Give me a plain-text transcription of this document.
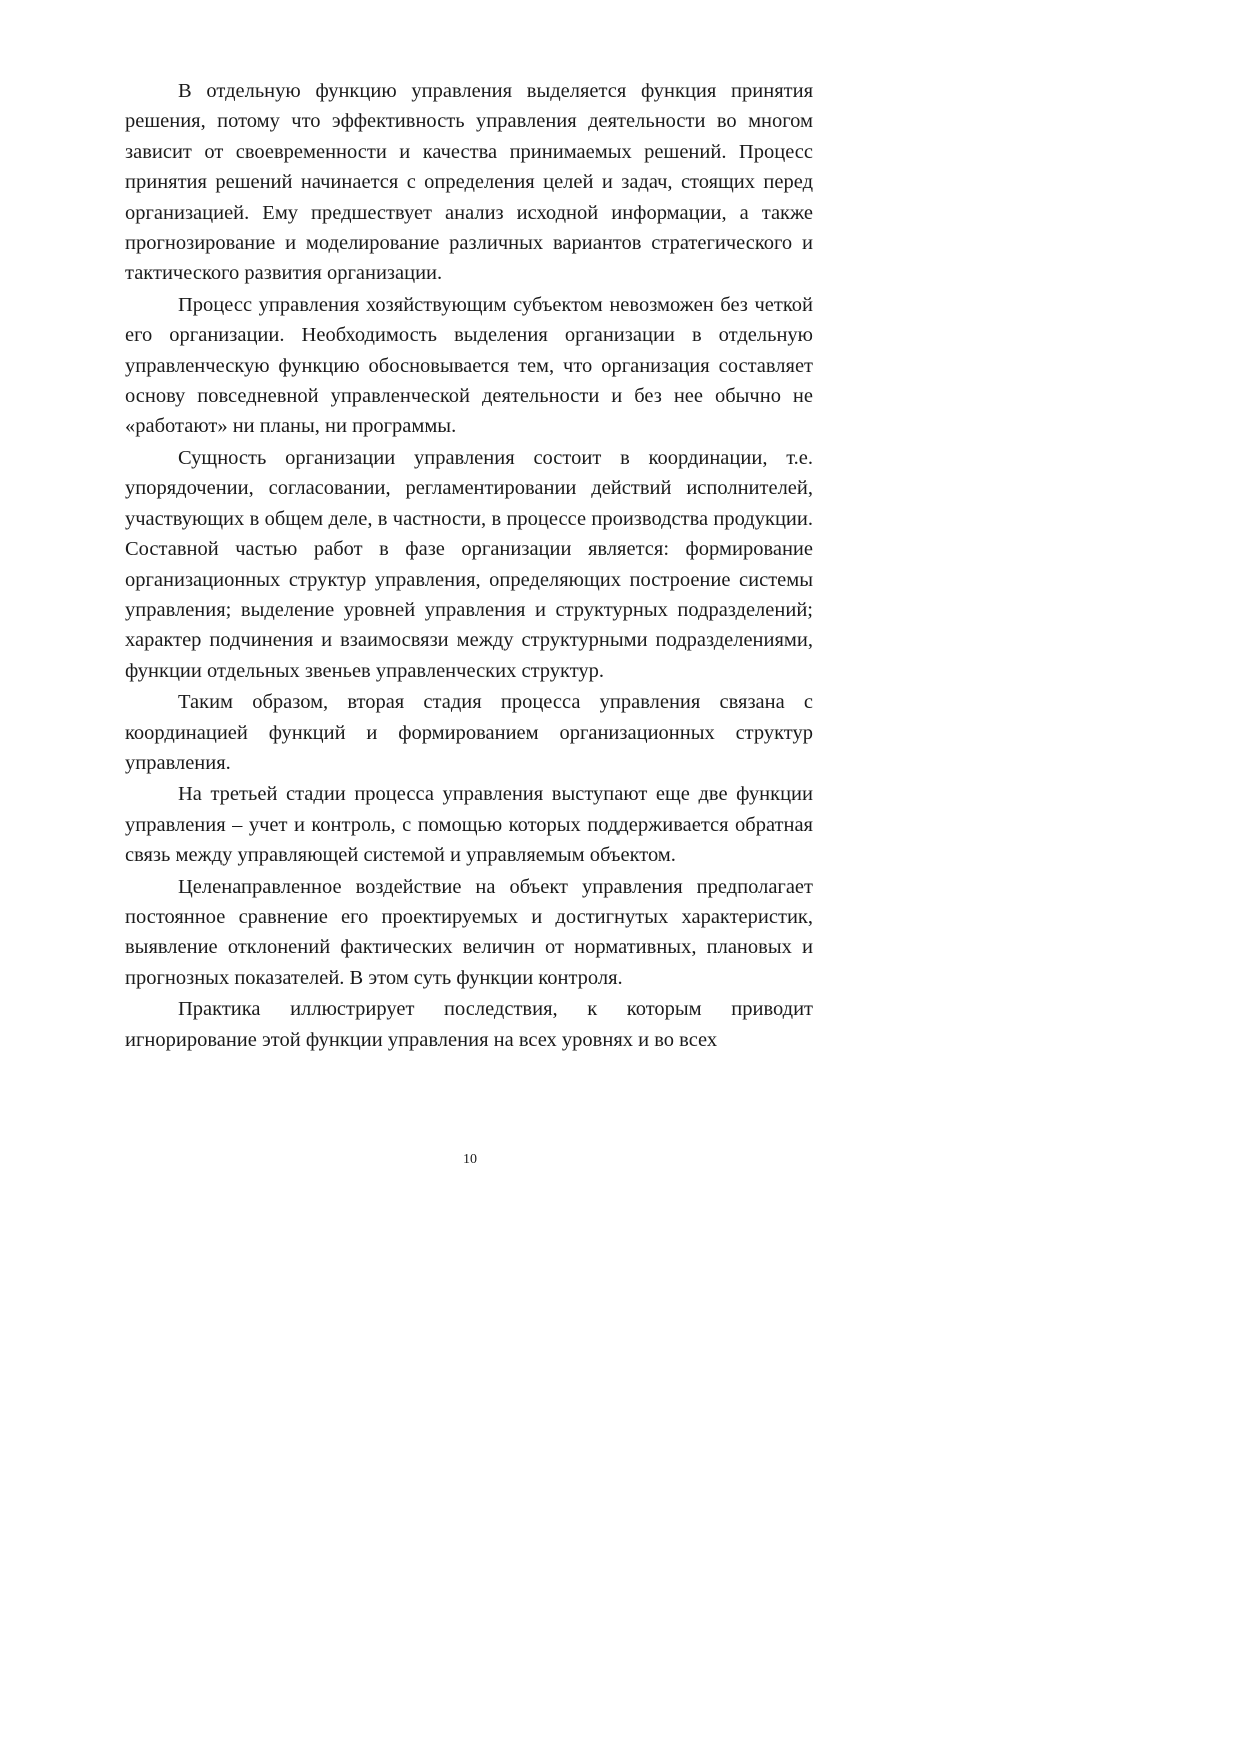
В отдельную функцию управления выделяется функция принятия решения, потому что эффективность управления деятельности во многом зависит от своевременности и качества принимаемых решений. Процесс принятия решений начинается с определения целей и задач, стоящих перед организацией. Ему предшествует анализ исходной информации, а также прогнозирование и моделирование различных вариантов стратегического и тактического развития организации.

Процесс управления хозяйствующим субъектом невозможен без четкой его организации. Необходимость выделения организации в отдельную управленческую функцию обосновывается тем, что организация составляет основу повседневной управленческой деятельности и без нее обычно не «работают» ни планы, ни программы.

Сущность организации управления состоит в координации, т.е. упорядочении, согласовании, регламентировании действий исполнителей, участвующих в общем деле, в частности, в процессе производства продукции. Составной частью работ в фазе организации является: формирование организационных структур управления, определяющих построение системы управления; выделение уровней управления и структурных подразделений; характер подчинения и взаимосвязи между структурными подразделениями, функции отдельных звеньев управленческих структур.

Таким образом, вторая стадия процесса управления связана с координацией функций и формированием организационных структур управления.

На третьей стадии процесса управления выступают еще две функции управления – учет и контроль, с помощью которых поддерживается обратная связь между управляющей системой и управляемым объектом.

Целенаправленное воздействие на объект управления предполагает постоянное сравнение его проектируемых и достигнутых характеристик, выявление отклонений фактических величин от нормативных, плановых и прогнозных показателей. В этом суть функции контроля.

Практика иллюстрирует последствия, к которым приводит игнорирование этой функции управления на всех уровнях и во всех

10
